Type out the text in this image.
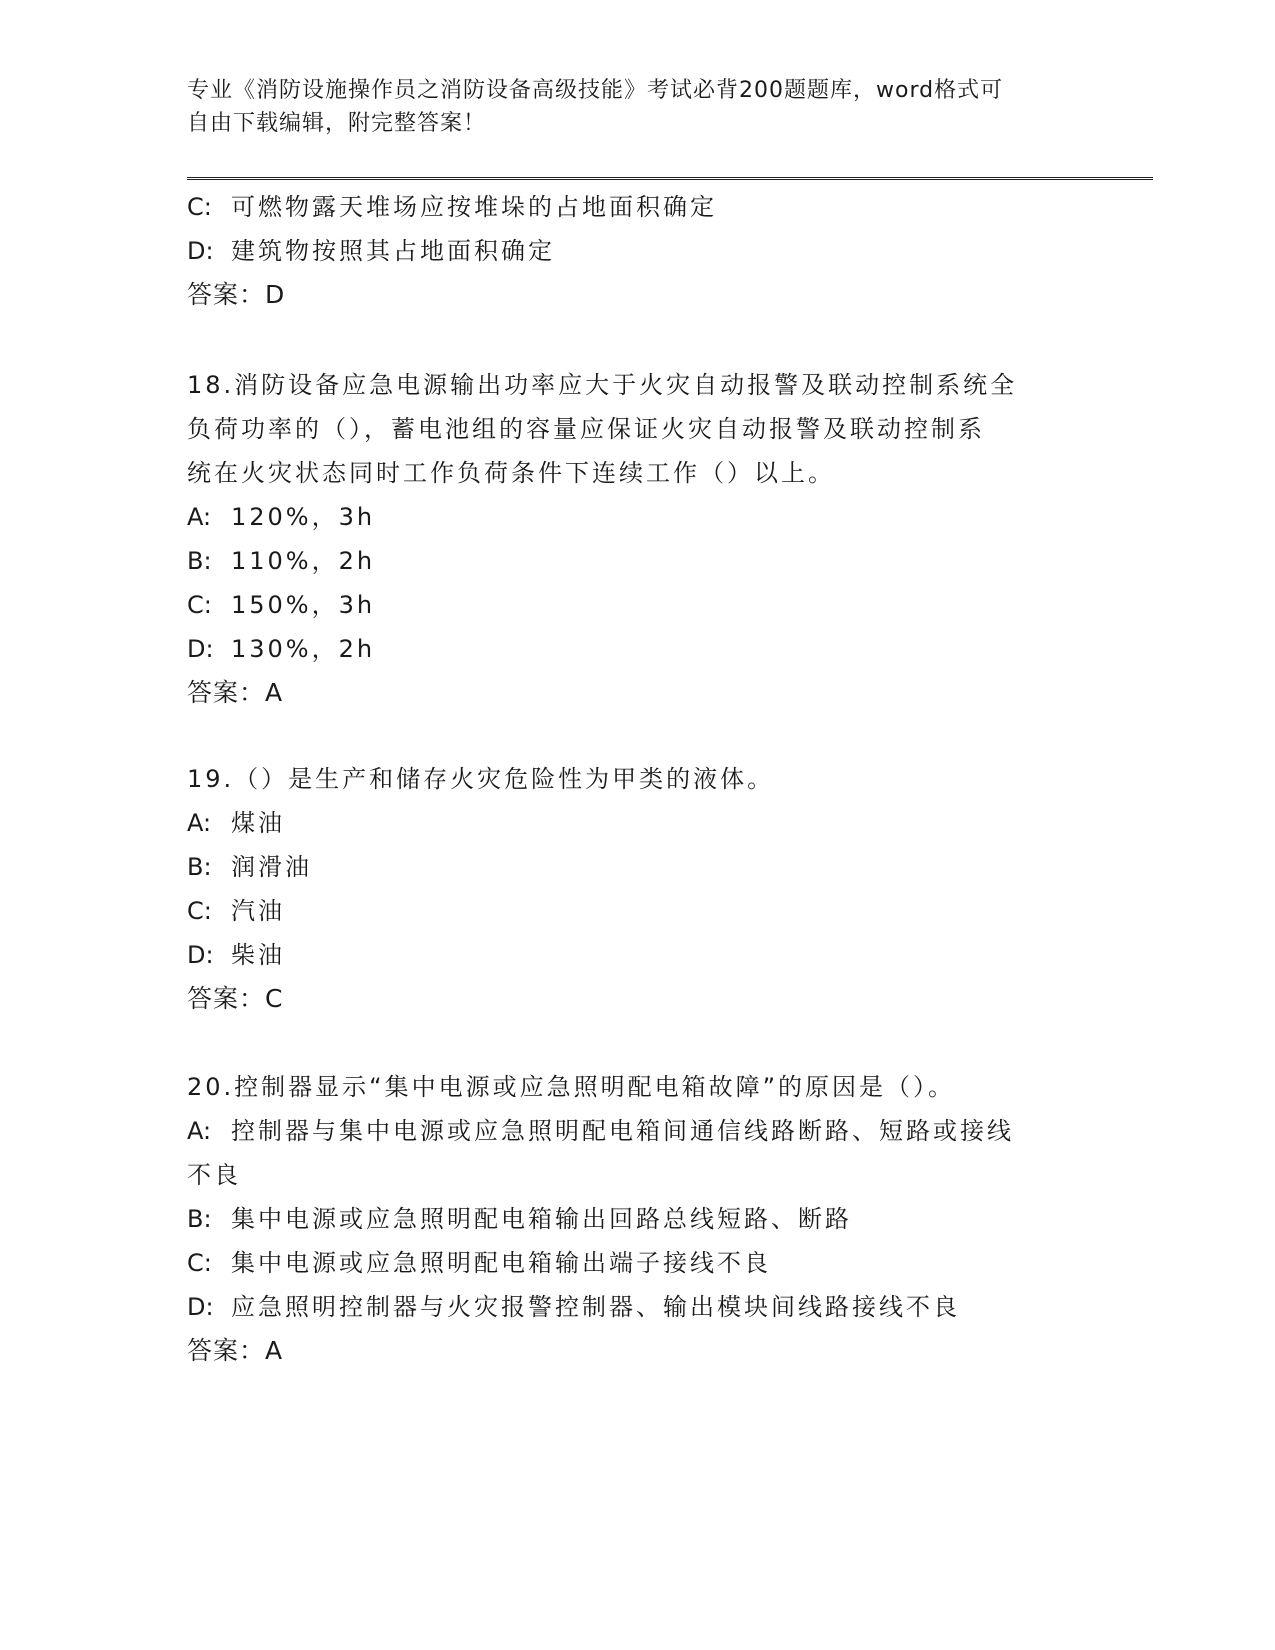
专业《消防设施操作员之消防设备高级技能》考试必背200题题库，word格式可
自由下载编辑，附完整答案！
C: 可燃物露天堆场应按堆垛的占地面积确定
D: 建筑物按照其占地面积确定
答案：D
18.消防设备应急电源输出功率应大于火灾自动报警及联动控制系统全
负荷功率的（），蓄电池组的容量应保证火灾自动报警及联动控制系
统在火灾状态同时工作负荷条件下连续工作（）以上。
A: 120%，3h
B: 110%，2h
C: 150%，3h
D: 130%，2h
答案：A
19.（）是生产和储存火灾危险性为甲类的液体。
A: 煤油
B: 润滑油
C: 汽油
D: 柴油
答案：C
20.控制器显示“集中电源或应急照明配电箱故障”的原因是（）。
A: 控制器与集中电源或应急照明配电箱间通信线路断路、短路或接线
不良
B: 集中电源或应急照明配电箱输出回路总线短路、断路
C: 集中电源或应急照明配电箱输出端子接线不良
D: 应急照明控制器与火灾报警控制器、输出模块间线路接线不良
答案：A
